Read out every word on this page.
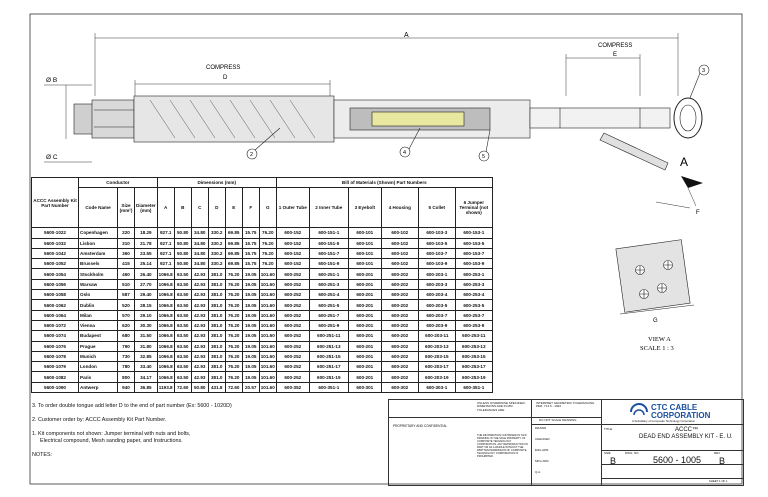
A
COMPRESS
D
COMPRESS
E
Ø B
Ø C
3
2	4
5	A
F
G
VIEW A
SCALE 1 : 3
ACCC Assembly Kit Part Number	Conductor			Dimensions (mm)							Bill of Materials (Shown) Part Numbers					
	Code Name	Size (mm²)	Diameter (mm)	A	B	C	D	E	F	G	1 Outer Tube	2 Inner Tube	3 Eyebolt	4 Housing	5 Collet	6 Jumper Terminal (not shown)
5600-1022	Copenhagen	220	18.29	927.1	50.80	34.80	330.2	69.85	15.75	76.20	600-152	600-151-1	600-101	600-102	600-103-3	600-153-1
5600-1032	Lisbon	310	21.78	927.1	50.80	34.80	330.2	69.85	15.75	76.20	600-152	600-151-5	600-101	600-102	600-103-5	600-153-5
5600-1042	Amsterdam	360	23.55	927.1	50.80	34.80	330.2	69.85	15.75	76.20	600-152	600-151-7	600-101	600-102	600-103-7	600-153-7
5600-1052	Brussels	415	25.14	927.1	50.80	34.80	330.2	69.85	15.75	76.20	600-152	600-151-9	600-101	600-102	600-103-9	600-153-9
5600-1054	Stockholm	460	26.40	1066.8	63.50	42.93	381.0	76.20	19.05	101.60	600-252	600-251-1	600-201	600-202	600-203-1	600-253-1
5600-1056	Warsaw	510	27.70	1066.8	63.50	42.93	381.0	76.20	19.05	101.60	600-252	600-251-3	600-201	600-202	600-203-3	600-253-3
5600-1058	Oslo	587	29.40	1066.8	63.50	42.93	381.0	76.20	19.05	101.60	600-252	600-251-4	600-201	600-202	600-203-4	600-253-4
5600-1062	Dublin	520	28.15	1066.8	63.50	42.93	381.0	76.20	19.05	101.60	600-252	600-251-5	600-201	600-202	600-203-5	600-253-5
5600-1064	Milan	570	29.10	1066.8	63.50	42.93	381.0	76.20	19.05	101.60	600-252	600-251-7	600-201	600-202	600-203-7	600-253-7
5600-1072	Vienna	620	30.30	1066.8	63.50	42.93	381.0	76.20	19.05	101.60	600-252	600-251-9	600-201	600-202	600-203-9	600-253-9
5600-1074	Budapest	680	31.50	1066.8	63.50	42.93	381.0	76.20	19.05	101.60	600-252	600-251-11	600-201	600-202	600-203-11	600-253-11
5600-1076	Prague	790	31.80	1066.8	63.50	42.93	381.0	76.20	19.05	101.60	600-252	600-251-13	600-201	600-202	600-203-13	600-253-13
5600-1078	Munich	730	32.85	1066.8	63.50	42.93	381.0	76.20	19.05	101.60	600-252	600-251-15	600-201	600-202	600-203-15	600-253-15
5600-1079	London	780	33.40	1066.8	63.50	42.93	381.0	76.20	19.05	101.60	600-252	600-251-17	600-201	600-202	600-203-17	600-253-17
5600-1082	Paris	800	34.17	1066.8	63.50	42.93	381.0	76.20	19.05	101.60	600-252	600-251-19	600-201	600-202	600-203-19	600-253-19
5600-1090	Antwerp	940	36.85	1193.8	72.60	50.80	431.8	72.60	20.57	101.60	600-352	600-351-1	600-301	600-302	600-303-1	600-351-1
3. To order double tongue add letter D to the end of part number (Ex: 5600 - 1020D)
2. Customer order by: ACCC Assembly Kit Part Number.
1. Kit components not shown: Jumper terminal with nuts and bolts,
Electrical compound, Mesh sanding paper, and Instructions.
NOTES:
UNLESS OTHERWISE SPECIFIED: DIMENSIONS ARE IN MM TOLERANCES ARE:
INTERPRET GEOMETRIC TOLERANCING PER: Y14.5 - 1994
DO NOT SCALE DRAWING
PROPRIETARY AND CONFIDENTIAL
THE INFORMATION CONTAINED IN THIS DRAWING IS THE SOLE PROPERTY OF COMPOSITE TECHNOLOGY CORPORATION. ANY REPRODUCTION IN PART OR AS A WHOLE WITHOUT THE WRITTEN PERMISSION OF COMPOSITE TECHNOLOGY CORPORATION IS PROHIBITED.
DRAWN
CHECKED
ENG APR.
MFG APR.
Q.A.
CTC CABLE
CORPORATION
A Subsidiary of Composite Technology Corporation
TITLE:	ACCC™
DEAD END ASSEMBLY KIT - E. U.
SIZE
B
DWG. NO.
5600 - 1005
REV
B
SHEET 1 OF 1
